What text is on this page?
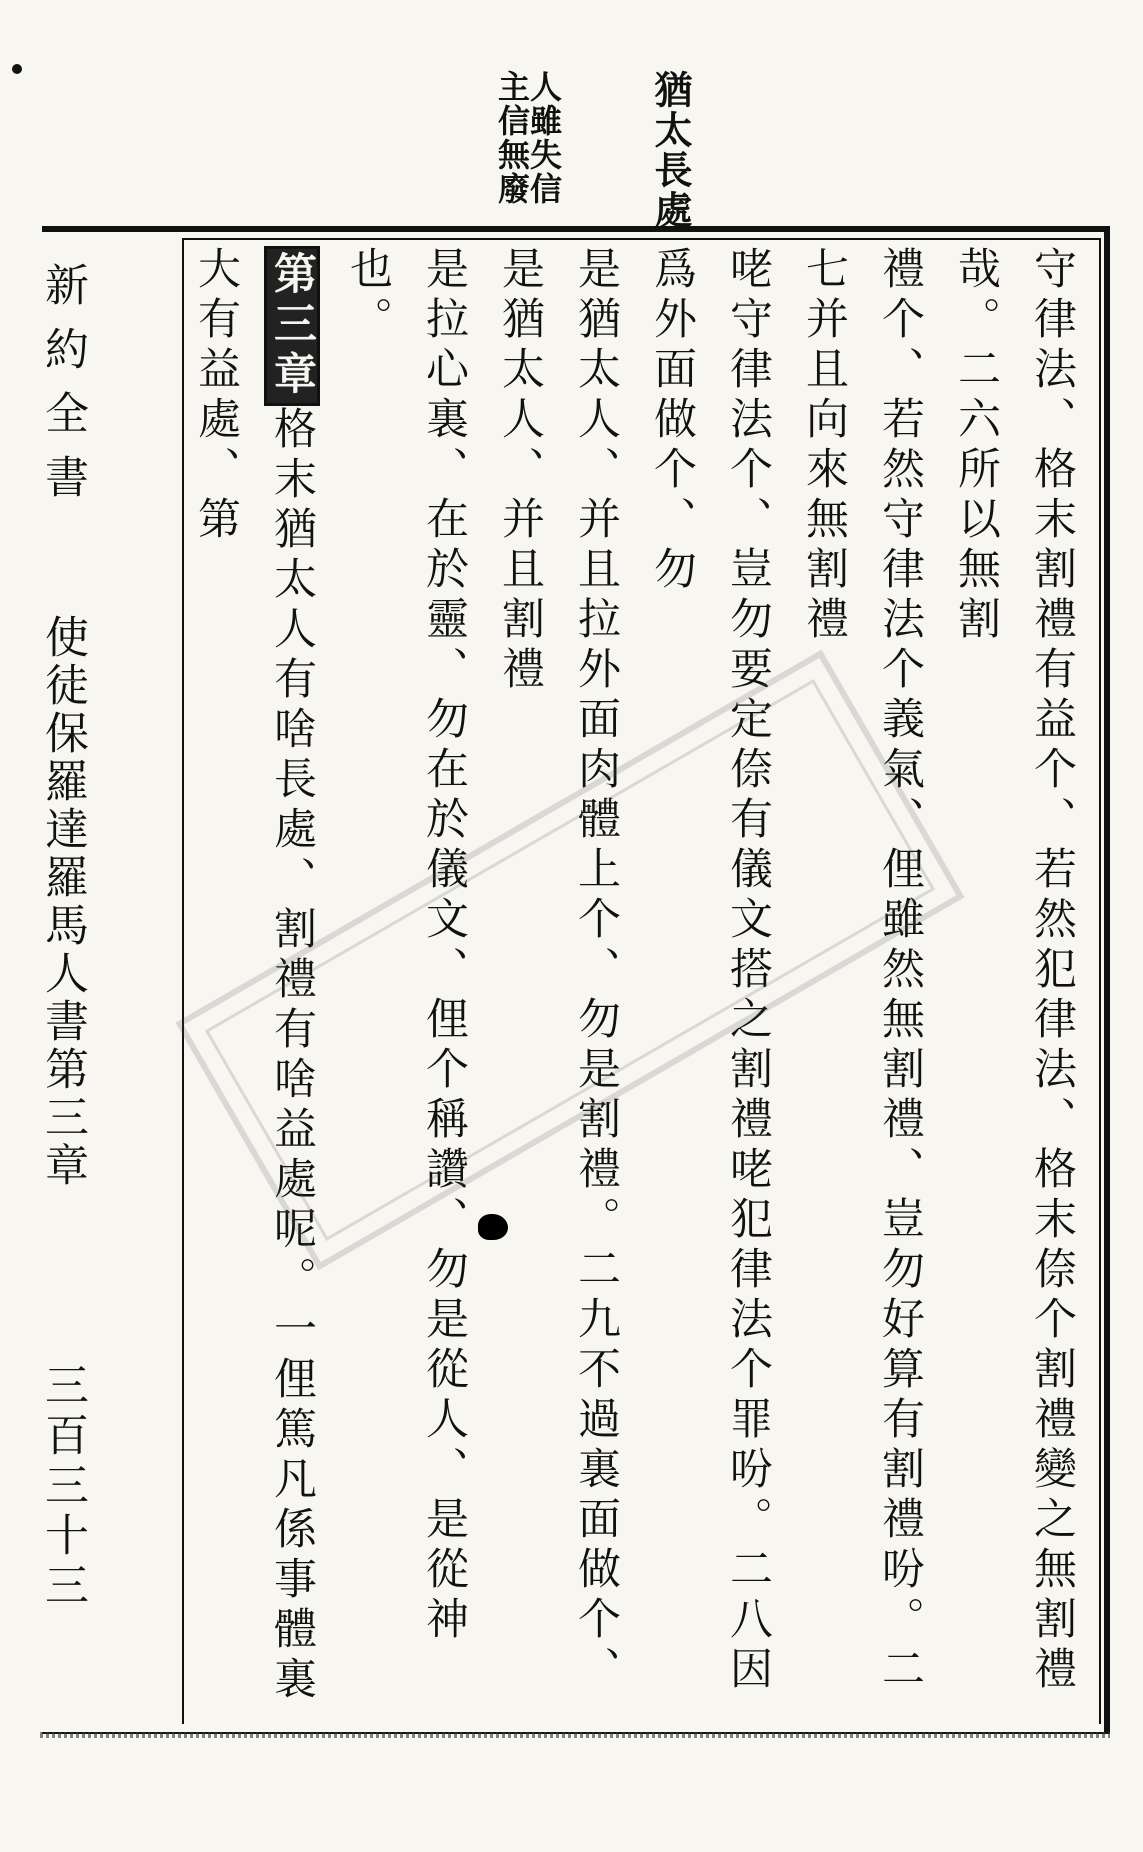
猶太長處
人雖失信
主信無廢
守律法、格末割禮有益个、若然犯律法、格末倷个割禮變之無割禮哉。二六所以無割
禮个、若然守律法个義氣、俚雖然無割禮、豈勿好算有割禮吩。二七并且向來無割禮
咾守律法个、豈勿要定倷有儀文搭之割禮咾犯律法个罪吩。二八因爲外面做个、勿
是猶太人、并且拉外面肉體上个、勿是割禮。二九不過裏面做个、是猶太人、并且割禮
是拉心裏、在於靈、勿在於儀文、俚个稱讚、勿是從人、是從神也。
第三章格末猶太人有啥長處、割禮有啥益處呢。一俚篤凡係事體裏大有益處、第
新約全書
使徒保羅達羅馬人書第三章
三百三十三
